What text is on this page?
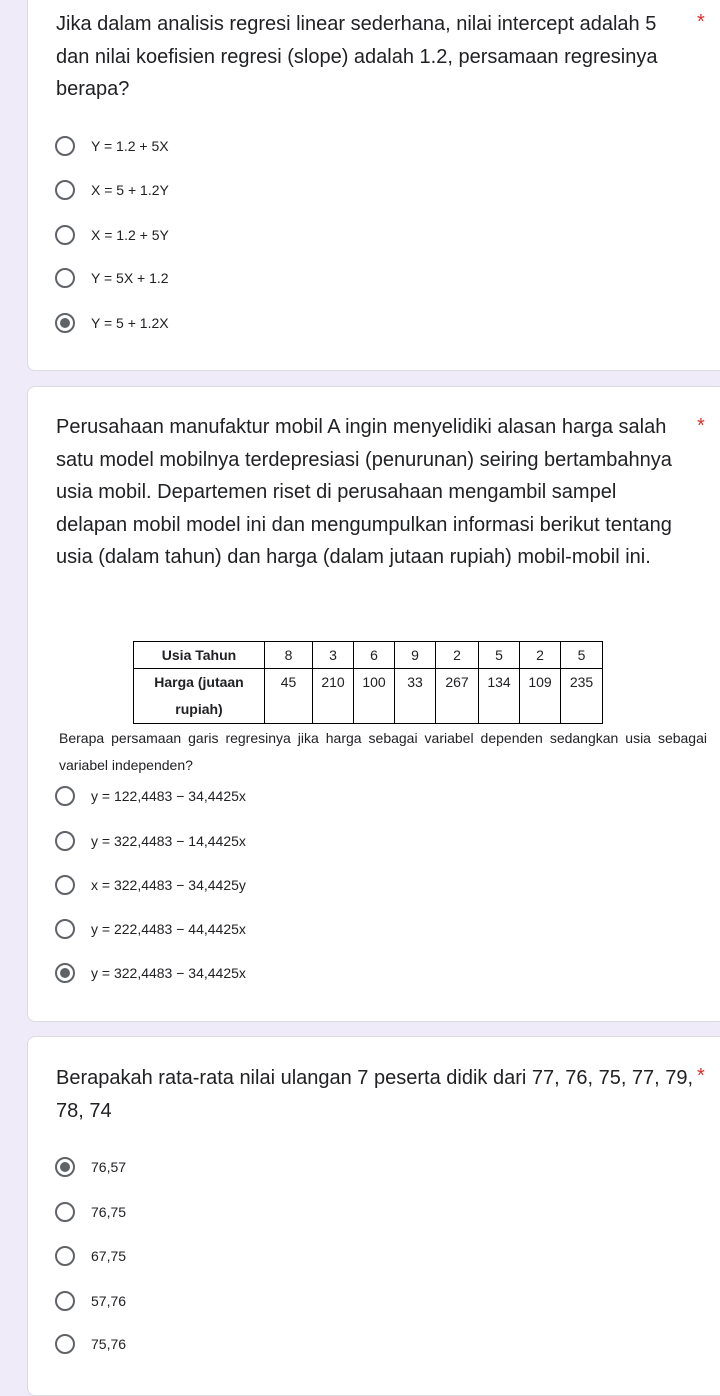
Jika dalam analisis regresi linear sederhana, nilai intercept adalah 5 dan nilai koefisien regresi (slope) adalah 1.2, persamaan regresinya berapa?
*
Y = 1.2 + 5X
X = 5 + 1.2Y
X = 1.2 + 5Y
Y = 5X + 1.2
Y = 5 + 1.2X
Perusahaan manufaktur mobil A ingin menyelidiki alasan harga salah satu model mobilnya terdepresiasi (penurunan) seiring bertambahnya usia mobil. Departemen riset di perusahaan mengambil sampel delapan mobil model ini dan mengumpulkan informasi berikut tentang usia (dalam tahun) dan harga (dalam jutaan rupiah) mobil-mobil ini.
*
Usia Tahun	8	3	6	9	2	5	2	5
Harga (jutaan rupiah)	45	210	100	33	267	134	109	235
Berapa persamaan garis regresinya jika harga sebagai variabel dependen sedangkan usia sebagai variabel independen?
y = 122,4483 − 34,4425x
y = 322,4483 − 14,4425x
x = 322,4483 − 34,4425y
y = 222,4483 − 44,4425x
y = 322,4483 − 34,4425x
Berapakah rata-rata nilai ulangan 7 peserta didik dari 77, 76, 75, 77, 79, 78, 74
*
76,57
76,75
67,75
57,76
75,76
